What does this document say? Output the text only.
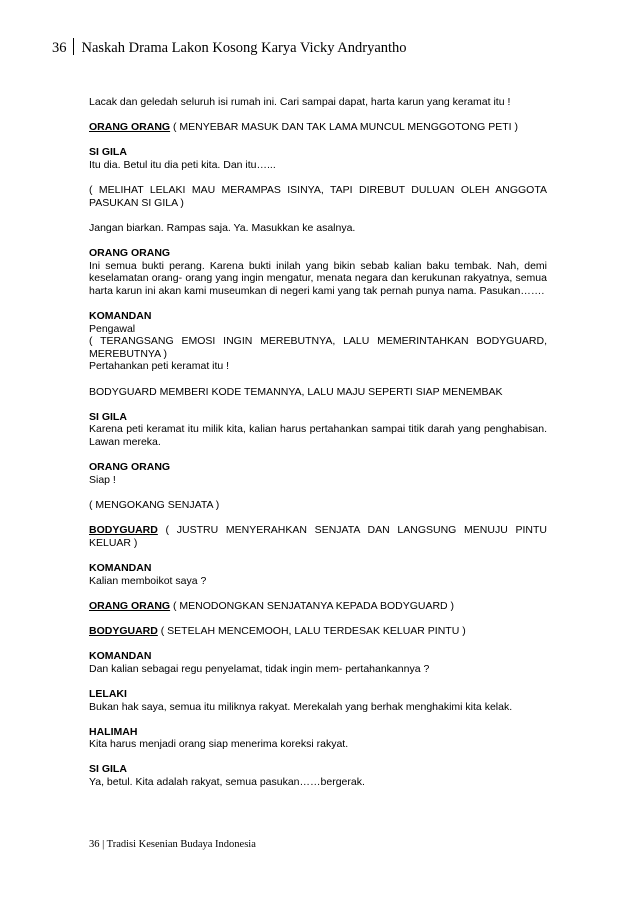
36 Naskah Drama Lakon Kosong Karya Vicky Andryantho

Lacak dan geledah seluruh isi rumah ini. Cari sampai dapat, harta karun yang keramat itu !

ORANG ORANG ( MENYEBAR MASUK DAN TAK LAMA MUNCUL MENGGOTONG PETI )

SI GILA

Itu dia. Betul itu dia peti kita. Dan itu…...

( MELIHAT LELAKI MAU MERAMPAS ISINYA, TAPI DIREBUT DULUAN OLEH ANGGOTA PASUKAN SI GILA )

Jangan biarkan. Rampas saja. Ya. Masukkan ke asalnya.

ORANG ORANG

Ini semua bukti perang. Karena bukti inilah yang bikin sebab kalian baku tembak. Nah, demi keselamatan orang- orang yang ingin mengatur, menata negara dan kerukunan rakyatnya, semua harta karun ini akan kami museumkan di negeri kami yang tak pernah punya nama. Pasukan…….

KOMANDAN

Pengawal

( TERANGSANG EMOSI INGIN MEREBUTNYA, LALU MEMERINTAHKAN BODYGUARD, MEREBUTNYA )

Pertahankan peti keramat itu !

BODYGUARD MEMBERI KODE TEMANNYA, LALU MAJU SEPERTI SIAP MENEMBAK

SI GILA

Karena peti keramat itu milik kita, kalian harus pertahankan sampai titik darah yang penghabisan. Lawan mereka.

ORANG ORANG

Siap !

( MENGOKANG SENJATA )

BODYGUARD ( JUSTRU MENYERAHKAN SENJATA DAN LANGSUNG MENUJU PINTU KELUAR )

KOMANDAN

Kalian memboikot saya ?

ORANG ORANG ( MENODONGKAN SENJATANYA KEPADA BODYGUARD )

BODYGUARD ( SETELAH MENCEMOOH, LALU TERDESAK KELUAR PINTU )

KOMANDAN

Dan kalian sebagai regu penyelamat, tidak ingin mem- pertahankannya ?

LELAKI

Bukan hak saya, semua itu miliknya rakyat. Merekalah yang berhak menghakimi kita kelak.

HALIMAH

Kita harus menjadi orang siap menerima koreksi rakyat.

SI GILA

Ya, betul. Kita adalah rakyat, semua pasukan……bergerak.

36 | Tradisi Kesenian Budaya Indonesia
